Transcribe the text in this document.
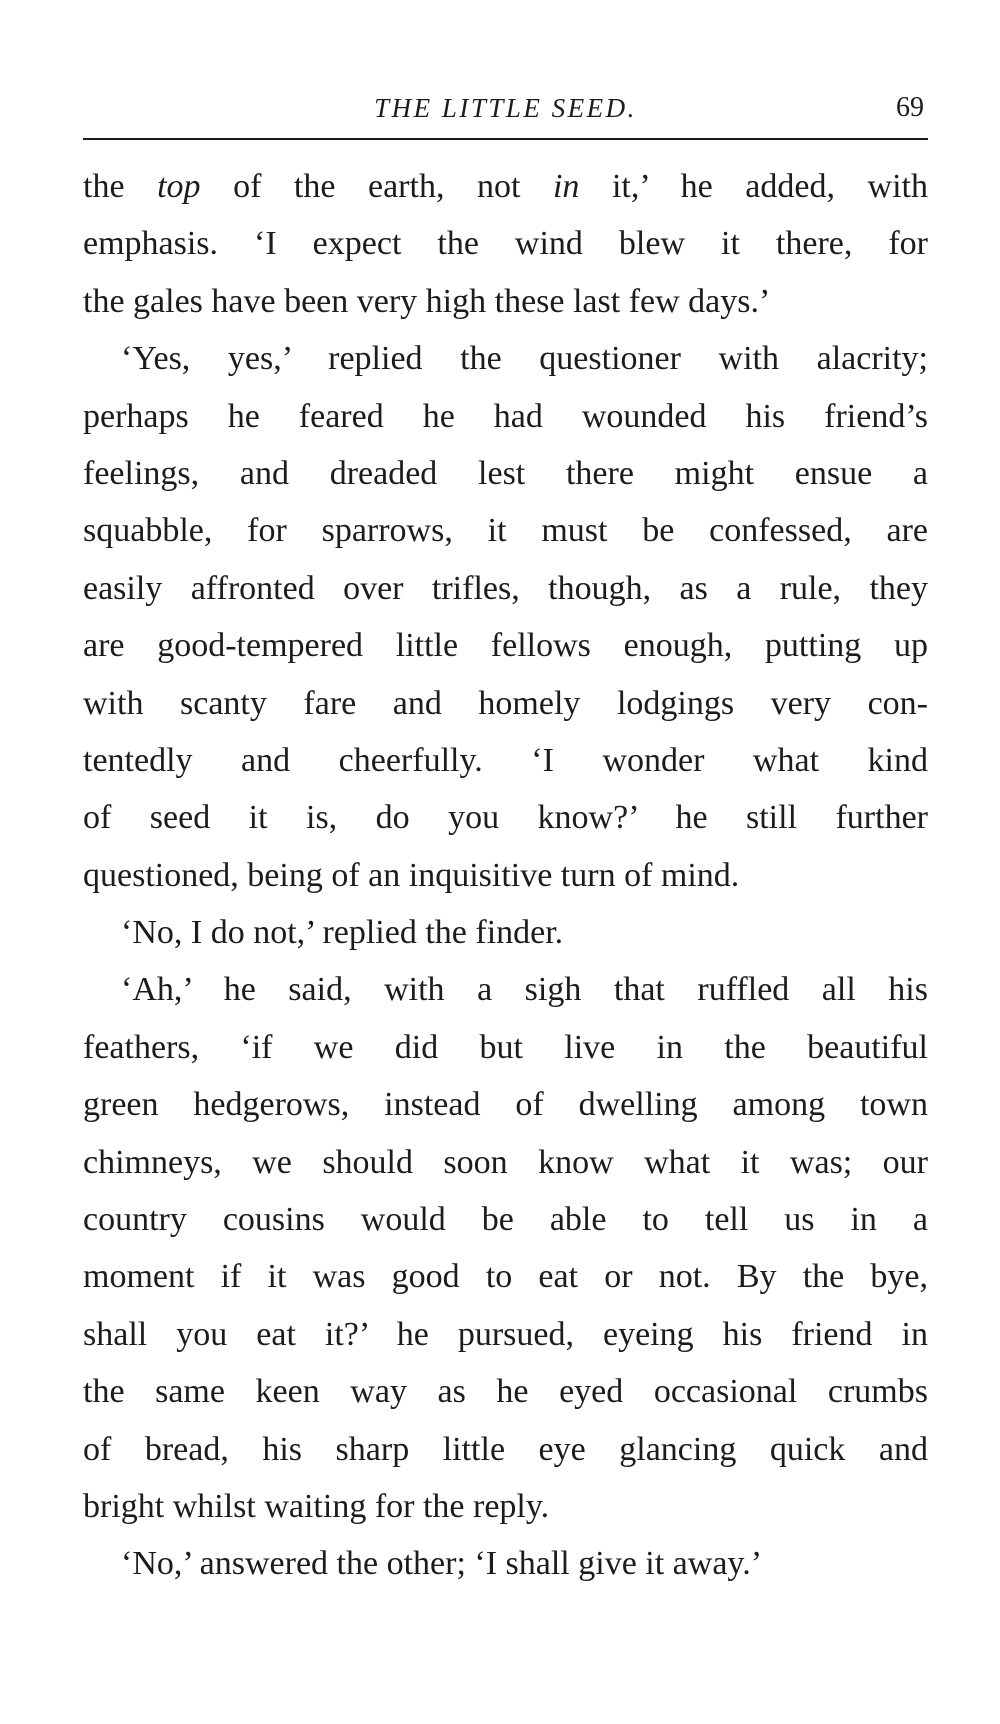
THE LITTLE SEED.	69
the top of the earth, not in it,’ he added, with
emphasis. ‘I expect the wind blew it there, for
the gales have been very high these last few days.’
‘Yes, yes,’ replied the questioner with alacrity;
perhaps he feared he had wounded his friend’s
feelings, and dreaded lest there might ensue a
squabble, for sparrows, it must be confessed, are
easily affronted over trifles, though, as a rule, they
are good-tempered little fellows enough, putting up
with scanty fare and homely lodgings very con-
tentedly and cheerfully. ‘I wonder what kind
of seed it is, do you know?’ he still further
questioned, being of an inquisitive turn of mind.
‘No, I do not,’ replied the finder.
‘Ah,’ he said, with a sigh that ruffled all his
feathers, ‘if we did but live in the beautiful
green hedgerows, instead of dwelling among town
chimneys, we should soon know what it was; our
country cousins would be able to tell us in a
moment if it was good to eat or not. By the bye,
shall you eat it?’ he pursued, eyeing his friend in
the same keen way as he eyed occasional crumbs
of bread, his sharp little eye glancing quick and
bright whilst waiting for the reply.
‘No,’ answered the other; ‘I shall give it away.’
